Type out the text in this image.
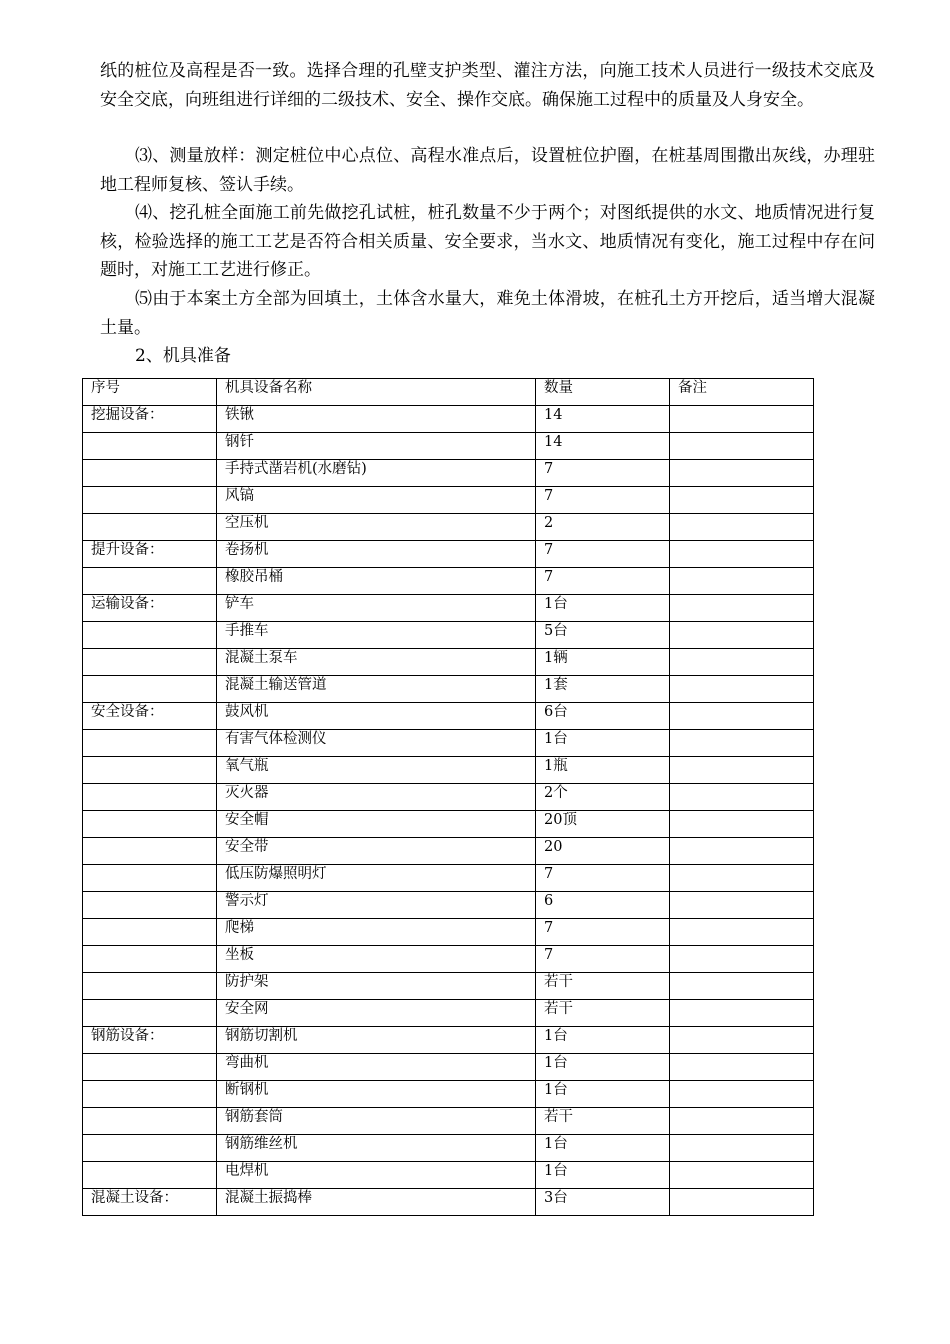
纸的桩位及高程是否一致。选择合理的孔壁支护类型、灌注方法，向施工技术人员进行一级技术交底及安全交底，向班组进行详细的二级技术、安全、操作交底。确保施工过程中的质量及人身安全。

⑶、测量放样：测定桩位中心点位、高程水准点后，设置桩位护圈，在桩基周围撒出灰线，办理驻地工程师复核、签认手续。

⑷、挖孔桩全面施工前先做挖孔试桩，桩孔数量不少于两个；对图纸提供的水文、地质情况进行复核，检验选择的施工工艺是否符合相关质量、安全要求，当水文、地质情况有变化，施工过程中存在问题时，对施工工艺进行修正。

⑸由于本案土方全部为回填土，土体含水量大，难免土体滑坡，在桩孔土方开挖后，适当增大混凝土量。

2、机具准备

序号	机具设备名称	数量	备注
挖掘设备：	铁锹	14	
	钢钎	14	
	手持式凿岩机(水磨钻)	7	
	风镐	7	
	空压机	2	
提升设备：	卷扬机	7	
	橡胶吊桶	7	
运输设备：	铲车	1台	
	手推车	5台	
	混凝土泵车	1辆	
	混凝土输送管道	1套	
安全设备：	鼓风机	6台	
	有害气体检测仪	1台	
	氧气瓶	1瓶	
	灭火器	2个	
	安全帽	20顶	
	安全带	20	
	低压防爆照明灯	7	
	警示灯	6	
	爬梯	7	
	坐板	7	
	防护架	若干	
	安全网	若干	
钢筋设备：	钢筋切割机	1台	
	弯曲机	1台	
	断钢机	1台	
	钢筋套筒	若干	
	钢筋维丝机	1台	
	电焊机	1台	
混凝土设备：	混凝土振捣棒	3台	
